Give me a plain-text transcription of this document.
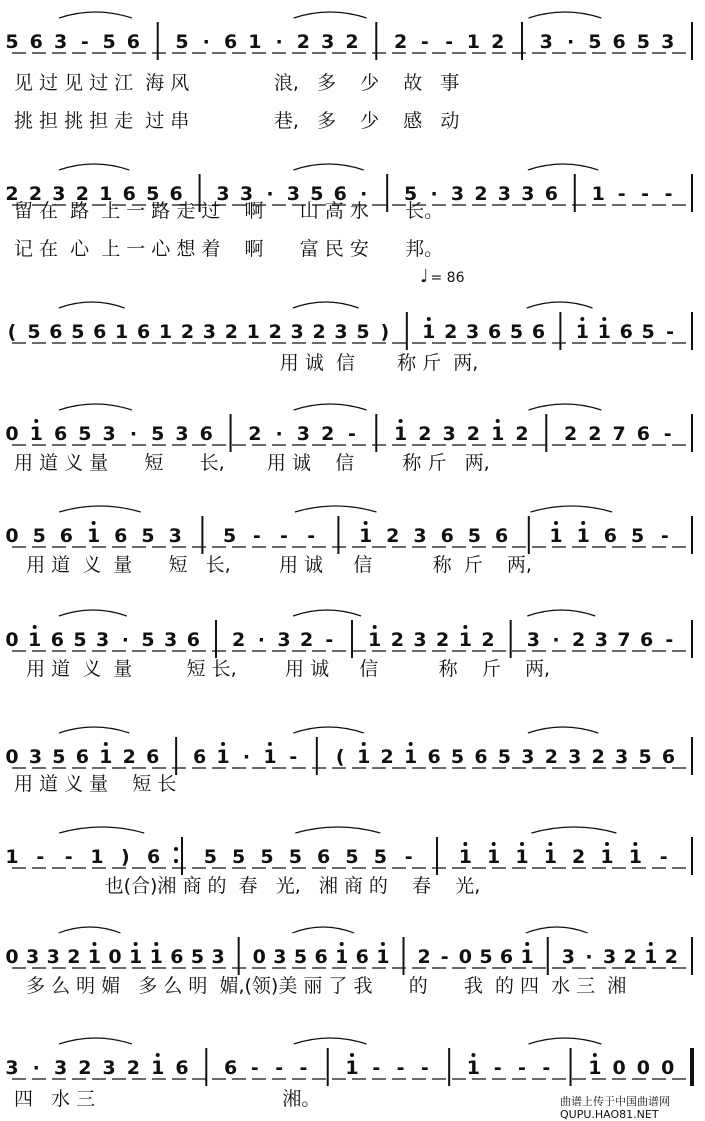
5 6 3 - 5 6 5 · 6 1 · 2 3 2 2 - - 1 2 3 · 5 6 5 3
2 2 3 2 1 6 5 6 3 3 · 3 5 6 · 5 · 3 2 3 3 6 1 - - -
( 5 6 5 6 1 6 1 2 3 2 1 2 3 2 3 5 ) 1 2 3 6 5 6 1 1 6 5 -
0 1 6 5 3 · 5 3 6 2 · 3 2 - 1 2 3 2 1 2 2 2 7 6 -
0 5 6 1 6 5 3 5 - - - 1 2 3 6 5 6 1 1 6 5 -
0 1 6 5 3 · 5 3 6 2 · 3 2 - 1 2 3 2 1 2 3 · 2 3 7 6 -
0 3 5 6 1 2 6 6 1 · 1 - ( 1 2 1 6 5 6 5 3 2 3 2 3 5 6
1 - - 1 ) 6 5 5 5 5 6 5 5 - 1 1 1 1 2 1 1 -
0 3 3 2 1 0 1 1 6 5 3 0 3 5 6 1 6 1 2 - 0 5 6 1 3 · 3 2 1 2
3 · 3 2 3 2 1 6 6 - - - 1 - - - 1 - - - 1 0 0 0
♩ = 86
见 过 见 过 江  海 风              浪,   多    少    故   事
挑 担 挑 担 走  过 串              巷,   多    少    感   动
留 在  路  上 一 路 走 过    啊      山 高 水      长。
记 在  心  上 一 心 想 着    啊      富 民 安      邦。
用 诚  信       称 斤  两,
用 道 义 量      短      长,       用 诚    信        称 斤   两,
用 道  义  量      短   长,        用 诚     信          称  斤    两,
用 道  义  量         短 长,        用 诚     信          称    斤    两,
用 道 义 量    短 长
也(合)湘 商 的  春   光,   湘 商 的    春    光,
多 么 明 媚   多 么 明  媚,(领)美 丽 了 我      的      我  的 四  水 三  湘
四   水 三                               湘。	曲谱上传于中国曲谱网
QUPU.HAO81.NET
